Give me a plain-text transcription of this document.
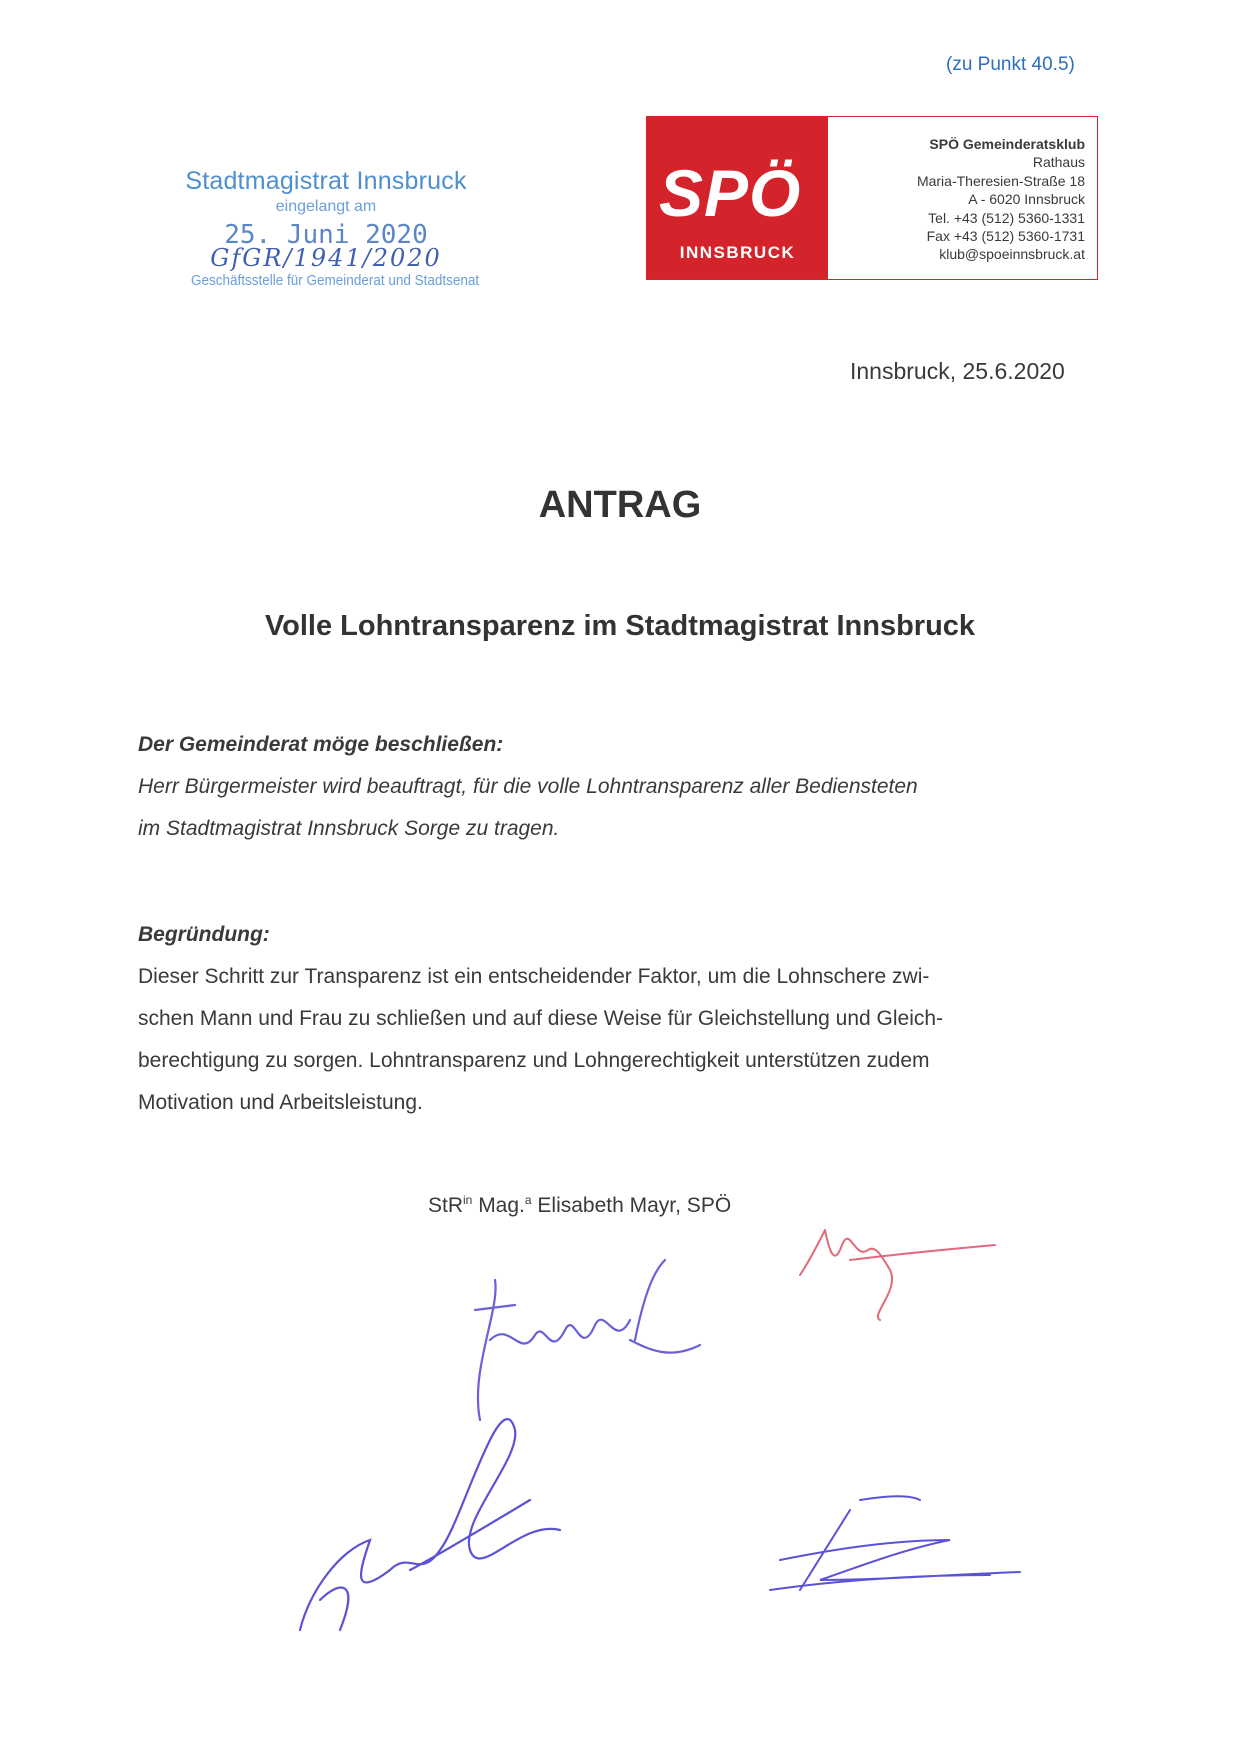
(zu Punkt 40.5)
Stadtmagistrat Innsbruck
eingelangt am
25. Juni 2020
GfGR/1941/2020
Geschäftsstelle für Gemeinderat und Stadtsenat
SPÖ
INNSBRUCK
SPÖ Gemeinderatsklub
Rathaus
Maria-Theresien-Straße 18
A - 6020 Innsbruck
Tel. +43 (512) 5360-1331
Fax +43 (512) 5360-1731
klub@spoeinnsbruck.at
Innsbruck, 25.6.2020
ANTRAG
Volle Lohntransparenz im Stadtmagistrat Innsbruck
Der Gemeinderat möge beschließen:
Herr Bürgermeister wird beauftragt, für die volle Lohntransparenz aller Bediensteten
im Stadtmagistrat Innsbruck Sorge zu tragen.
Begründung:
Dieser Schritt zur Transparenz ist ein entscheidender Faktor, um die Lohnschere zwi-
schen Mann und Frau zu schließen und auf diese Weise für Gleichstellung und Gleich-
berechtigung zu sorgen. Lohntransparenz und Lohngerechtigkeit unterstützen zudem
Motivation und Arbeitsleistung.
StR$^{in}$ Mag.$^a$ Elisabeth Mayr, SPÖ
